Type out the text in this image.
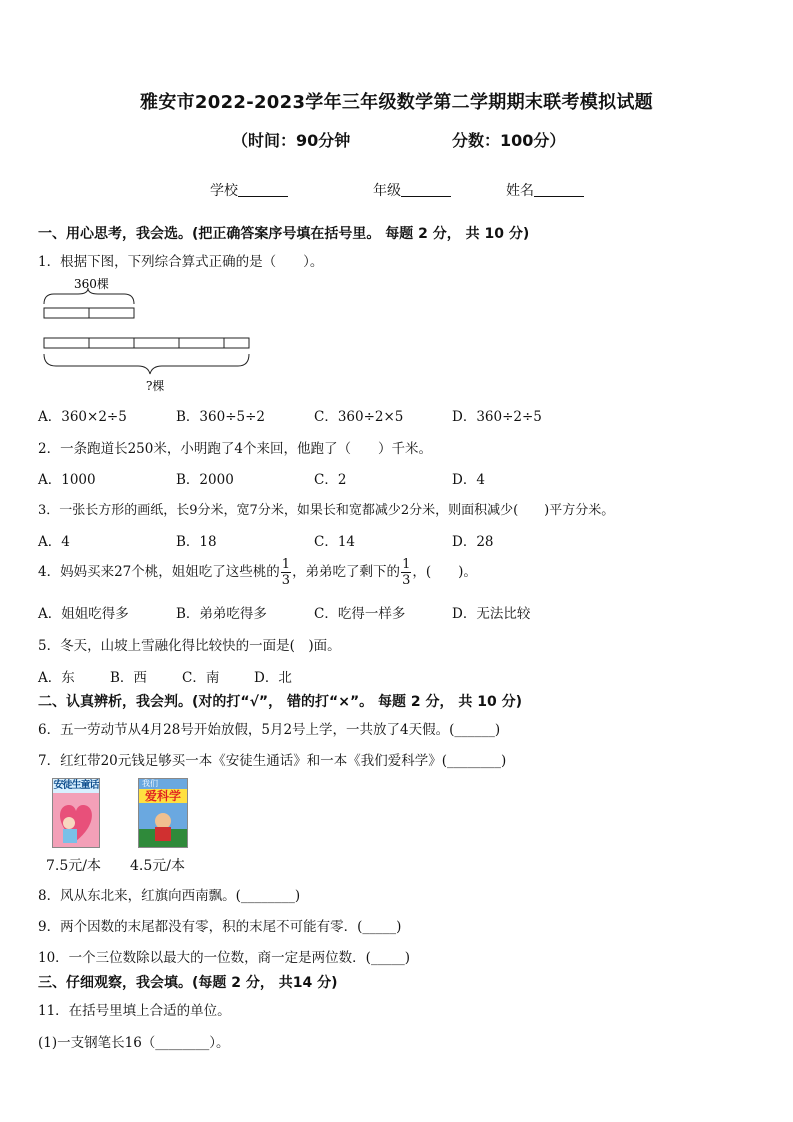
雅安市2022-2023学年三年级数学第二学期期末联考模拟试题
（时间：90分钟	分数：100分）
学校	年级	姓名
一、用心思考，我会选。(把正确答案序号填在括号里。 每题 2 分， 共 10 分)
1．根据下图，下列综合算式正确的是（　　）。
360棵
?棵
A．360×2÷5	B．360÷5÷2	C．360÷2×5	D．360÷2÷5
2．一条跑道长250米，小明跑了4个来回，他跑了（　　）千米。
A．1000	B．2000	C．2	D．4
3．一张长方形的画纸，长9分米，宽7分米，如果长和宽都减少2分米，则面积减少(　　)平方分米。
A．4	B．18	C．14	D．28
4．妈妈买来27个桃，姐姐吃了这些桃的 $\frac{1}{3}$ ，弟弟吃了剩下的 $\frac{1}{3}$ ，(　　)。
A．姐姐吃得多	B．弟弟吃得多	C．吃得一样多	D．无法比较
5．冬天，山坡上雪融化得比较快的一面是(　)面。
A．东	B．西	C．南	D．北
二、认真辨析，我会判。(对的打“√”， 错的打“×”。 每题 2 分， 共 10 分)
6．五一劳动节从4月28号开始放假，5月2号上学，一共放了4天假。(______)
7．红红带20元钱足够买一本《安徒生通话》和一本《我们爱科学》(________)
安徒生童话	我们
爱科学
7.5元/本 4.5元/本
8．风从东北来，红旗向西南飘。(________)
9．两个因数的末尾都没有零，积的末尾不可能有零．(_____)
10．一个三位数除以最大的一位数，商一定是两位数．(_____)
三、仔细观察，我会填。(每题 2 分， 共14 分)
11．在括号里填上合适的单位。
(1)一支钢笔长16（________）。
